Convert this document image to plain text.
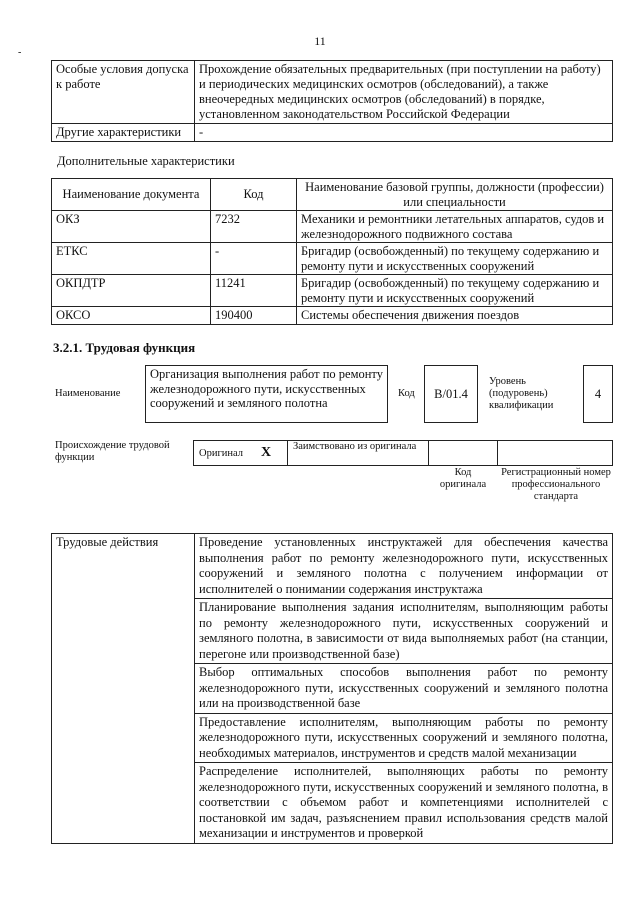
11
-
Особые условия допуска к работе	Прохождение обязательных предварительных (при поступлении на работу) и периодических медицинских осмотров (обследований), а также внеочередных медицинских осмотров (обследований) в порядке, установленном законодательством Российской Федерации
Другие характеристики	-
Дополнительные характеристики
Наименование документа	Код	Наименование базовой группы, должности (профессии) или специальности
ОКЗ	7232	Механики и ремонтники летательных аппаратов, судов и железнодорожного подвижного состава
ЕТКС	-	Бригадир (освобожденный) по текущему содержанию и ремонту пути и искусственных сооружений
ОКПДТР	11241	Бригадир (освобожденный) по текущему содержанию и ремонту пути и искусственных сооружений
ОКСО	190400	Системы обеспечения движения поездов
3.2.1. Трудовая функция
Наименование
Организация выполнения работ по ремонту железнодорожного пути, искусственных сооружений и земляного полотна
Код	В/01.4
Уровень (подуровень) квалификации
4
Происхождение трудовой функции	Оригинал X Заимствовано из оригинала
Код оригинала
Регистрационный номер профессионального стандарта
Трудовые действия	Проведение установленных инструктажей для обеспечения качества выполнения работ по ремонту железнодорожного пути, искусственных сооружений и земляного полотна с получением информации от исполнителей о понимании содержания инструктажа
Планирование выполнения задания исполнителям, выполняющим работы по ремонту железнодорожного пути, искусственных сооружений и земляного полотна, в зависимости от вида выполняемых работ (на станции, перегоне или производственной базе)
Выбор оптимальных способов выполнения работ по ремонту железнодорожного пути, искусственных сооружений и земляного полотна или на производственной базе
Предоставление исполнителям, выполняющим работы по ремонту железнодорожного пути, искусственных сооружений и земляного полотна, необходимых материалов, инструментов и средств малой механизации
Распределение исполнителей, выполняющих работы по ремонту железнодорожного пути, искусственных сооружений и земляного полотна, в соответствии с объемом работ и компетенциями исполнителей с постановкой им задач, разъяснением правил использования средств малой механизации и инструментов и проверкой
